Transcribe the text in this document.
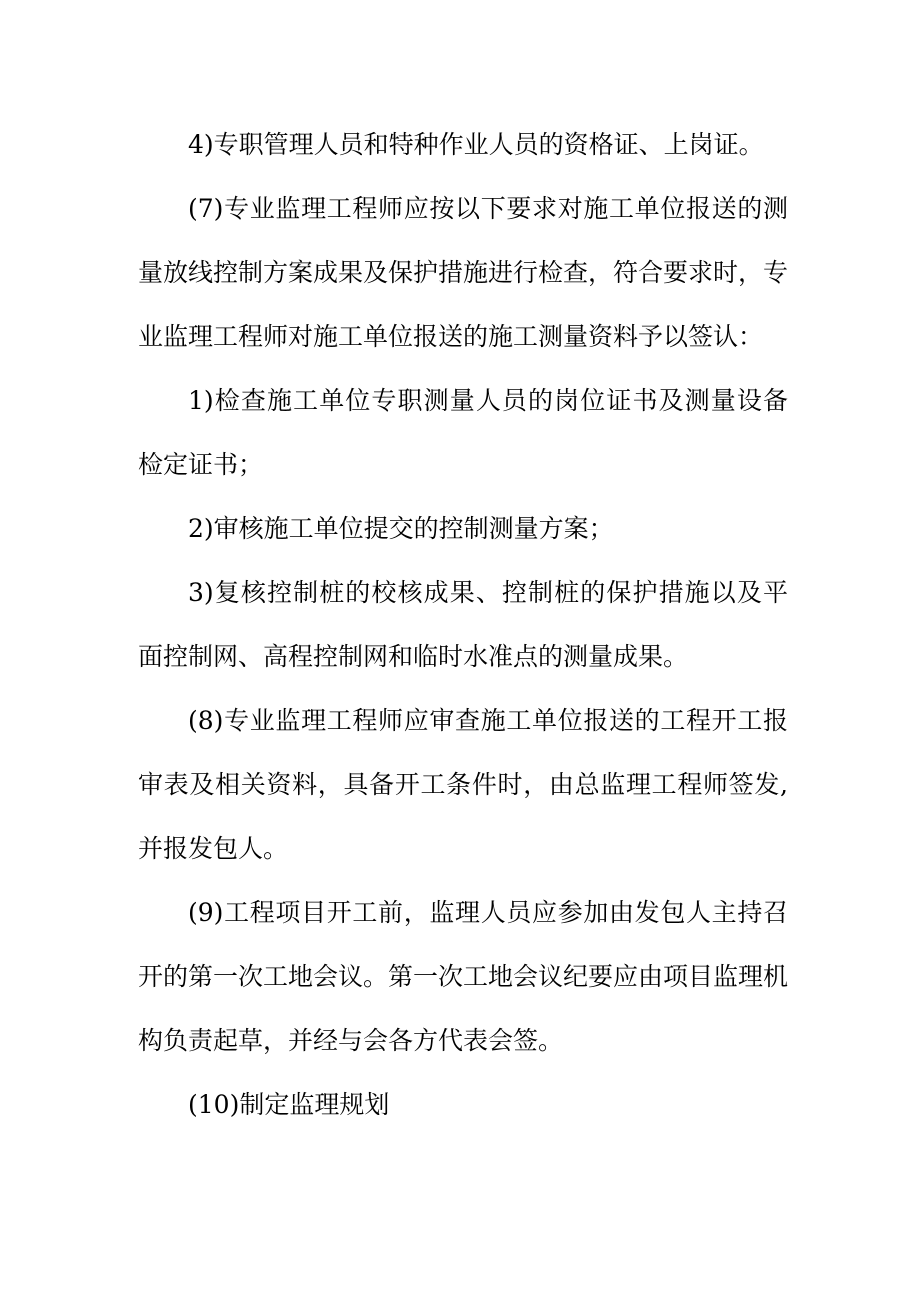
4)专职管理人员和特种作业人员的资格证、上岗证。

(7)专业监理工程师应按以下要求对施工单位报送的测量放线控制方案成果及保护措施进行检查，符合要求时，专业监理工程师对施工单位报送的施工测量资料予以签认：

1)检查施工单位专职测量人员的岗位证书及测量设备检定证书；

2)审核施工单位提交的控制测量方案；

3)复核控制桩的校核成果、控制桩的保护措施以及平面控制网、高程控制网和临时水准点的测量成果。

(8)专业监理工程师应审查施工单位报送的工程开工报审表及相关资料，具备开工条件时，由总监理工程师签发,并报发包人。

(9)工程项目开工前，监理人员应参加由发包人主持召开的第一次工地会议。第一次工地会议纪要应由项目监理机构负责起草，并经与会各方代表会签。

(10)制定监理规划
